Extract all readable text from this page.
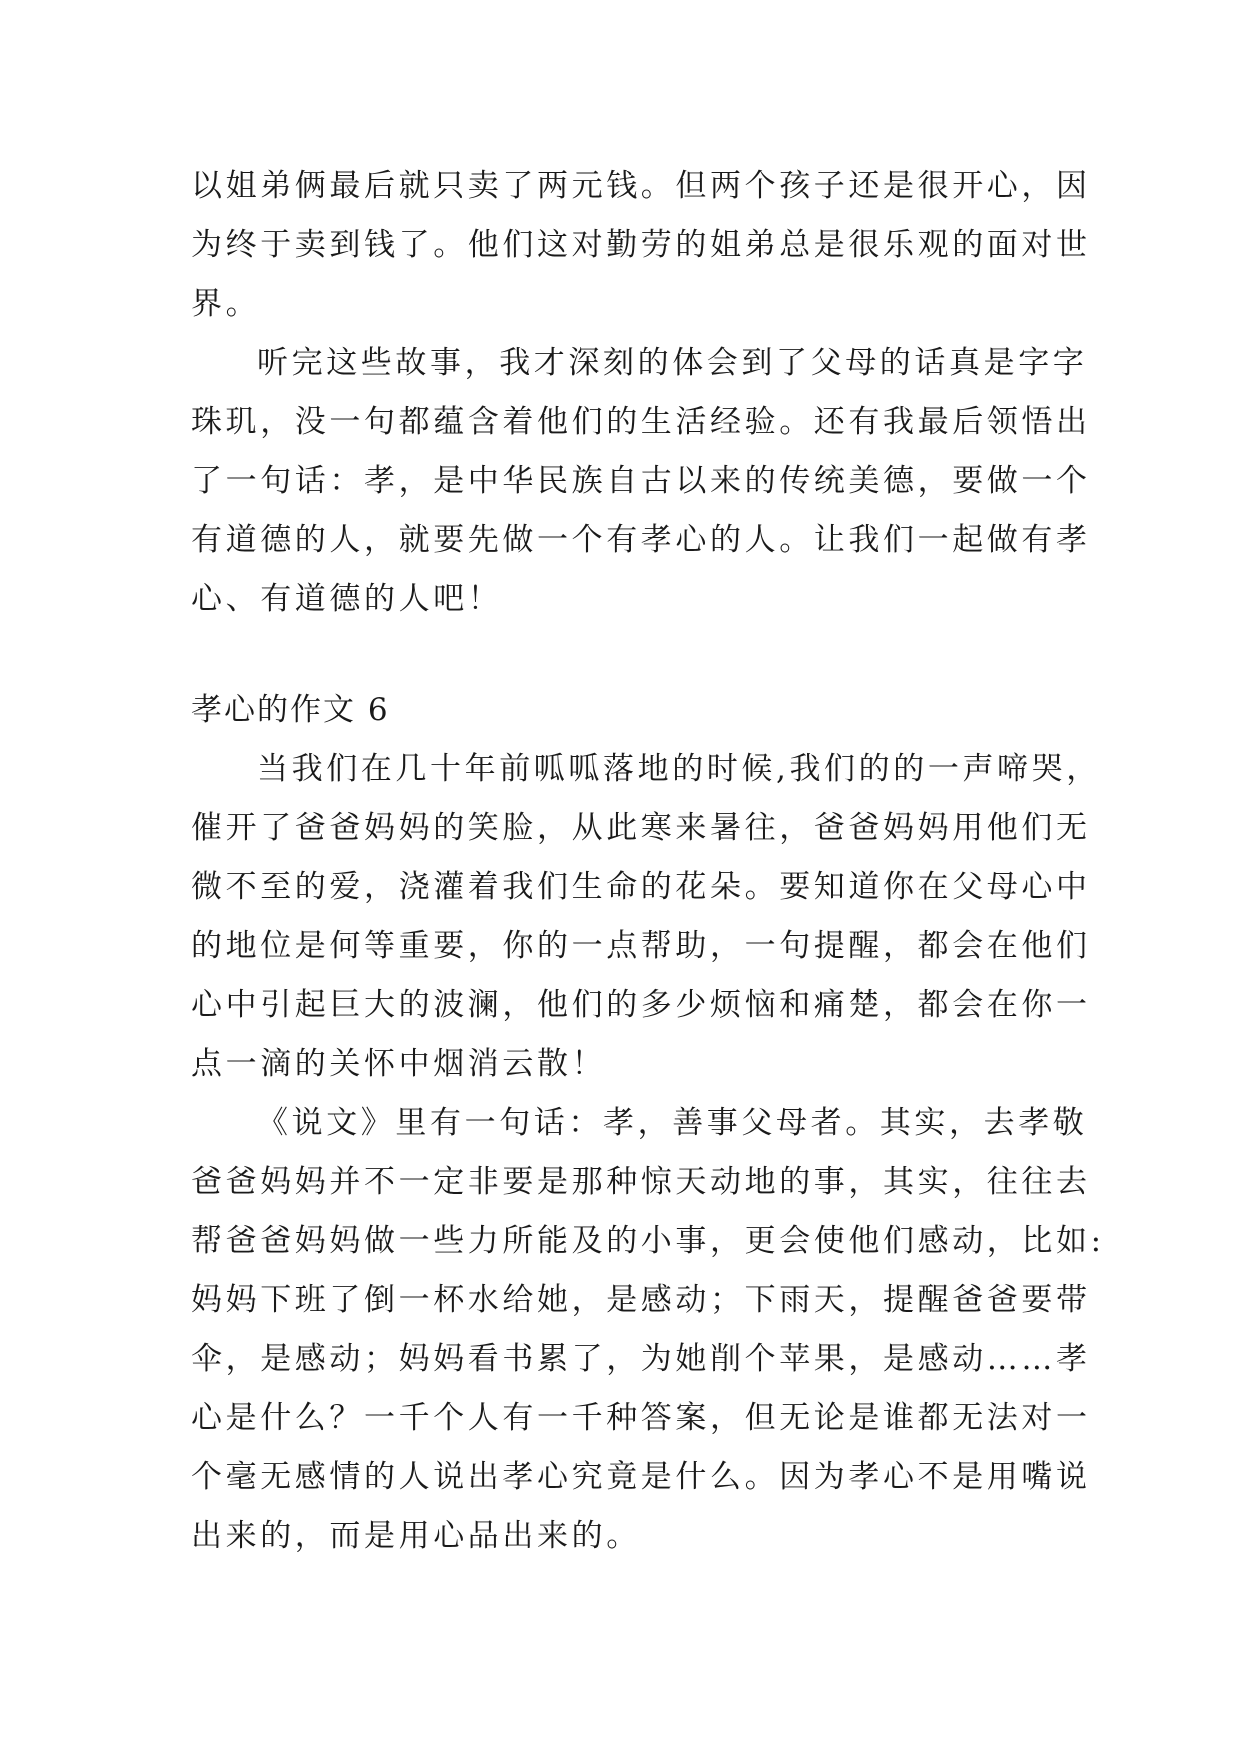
以姐弟俩最后就只卖了两元钱。但两个孩子还是很开心，因
为终于卖到钱了。他们这对勤劳的姐弟总是很乐观的面对世
界。
听完这些故事，我才深刻的体会到了父母的话真是字字
珠玑，没一句都蕴含着他们的生活经验。还有我最后领悟出
了一句话：孝，是中华民族自古以来的传统美德，要做一个
有道德的人，就要先做一个有孝心的人。让我们一起做有孝
心、有道德的人吧！
孝心的作文 6
当我们在几十年前呱呱落地的时候,我们的的一声啼哭，
催开了爸爸妈妈的笑脸，从此寒来暑往，爸爸妈妈用他们无
微不至的爱，浇灌着我们生命的花朵。要知道你在父母心中
的地位是何等重要，你的一点帮助，一句提醒，都会在他们
心中引起巨大的波澜，他们的多少烦恼和痛楚，都会在你一
点一滴的关怀中烟消云散！
《说文》里有一句话：孝，善事父母者。其实，去孝敬
爸爸妈妈并不一定非要是那种惊天动地的事，其实，往往去
帮爸爸妈妈做一些力所能及的小事，更会使他们感动，比如:
妈妈下班了倒一杯水给她，是感动；下雨天，提醒爸爸要带
伞，是感动；妈妈看书累了，为她削个苹果，是感动……孝
心是什么？一千个人有一千种答案，但无论是谁都无法对一
个毫无感情的人说出孝心究竟是什么。因为孝心不是用嘴说
出来的，而是用心品出来的。
